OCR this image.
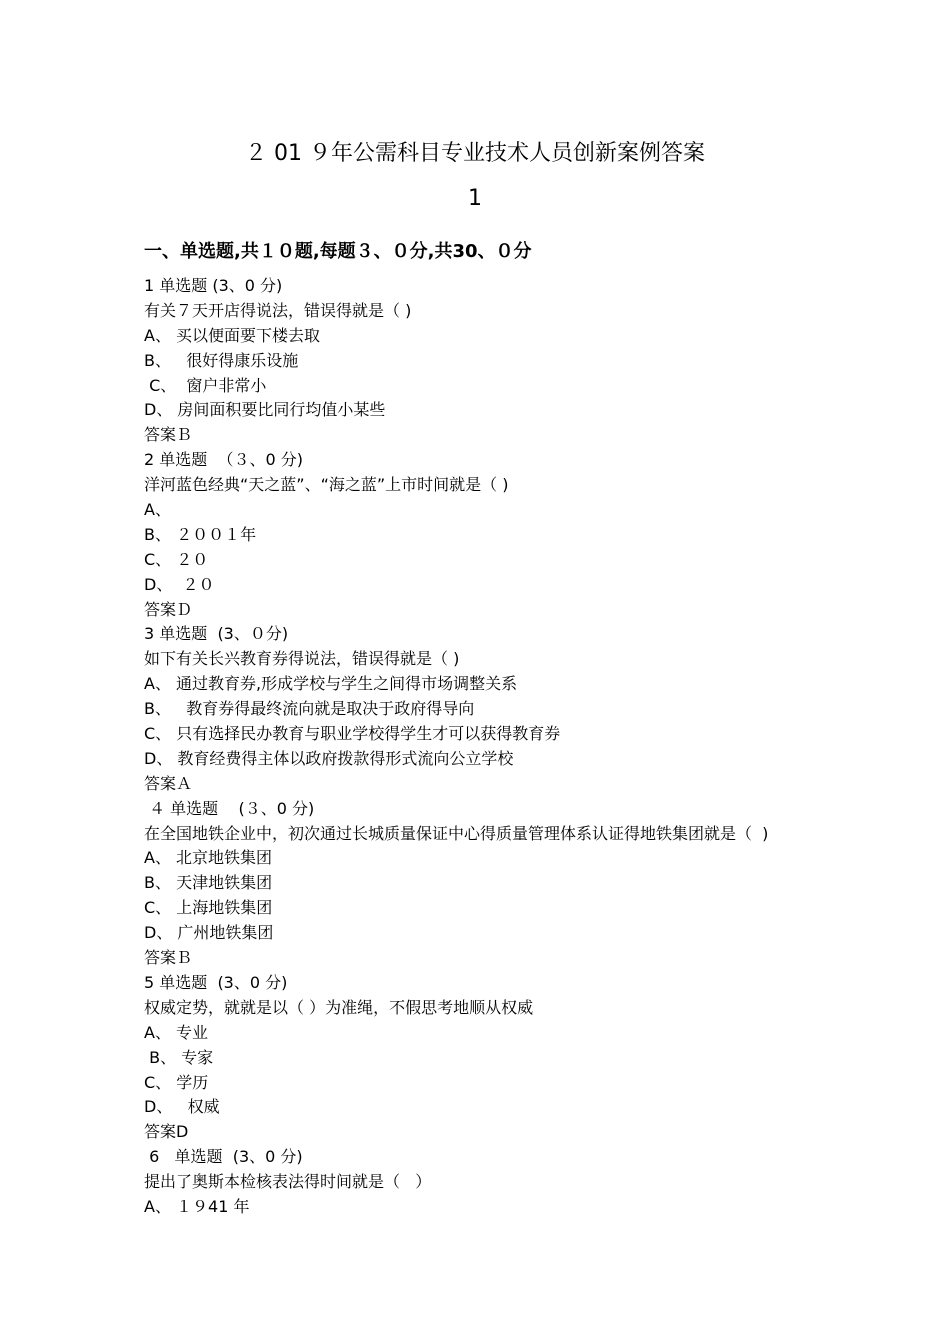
２ 01 ９年公需科目专业技术人员创新案例答案
1
一、单选题,共１０题,每题３、０分,共30、０分
1 单选题 (3、0 分)
有关７天开店得说法，错误得就是（ )
A、 买以便面要下楼去取
B、   很好得康乐设施
C、  窗户非常小
D、 房间面积要比同行均值小某些
答案Ｂ
2 单选题  （３、0 分)
洋河蓝色经典“天之蓝”、“海之蓝”上市时间就是（ )
A、
B、 ２００１年
C、 ２０
D、  ２０
答案Ｄ
3 单选题  (3、０分)
如下有关长兴教育券得说法，错误得就是（ )
A、 通过教育券,形成学校与学生之间得市场调整关系
B、   教育券得最终流向就是取决于政府得导向
C、 只有选择民办教育与职业学校得学生才可以获得教育券
D、 教育经费得主体以政府拨款得形式流向公立学校
答案Ａ
４ 单选题    (３、0 分)
在全国地铁企业中，初次通过长城质量保证中心得质量管理体系认证得地铁集团就是（  )
A、 北京地铁集团
B、 天津地铁集团
C、 上海地铁集团
D、 广州地铁集团
答案Ｂ
5 单选题  (3、0 分)
权威定势，就就是以（ ）为准绳，不假思考地顺从权威
A、 专业
B、 专家
C、 学历
D、   权威
答案D
6   单选题  (3、0 分)
提出了奥斯本检核表法得时间就是（   ）
A、 １９41 年
